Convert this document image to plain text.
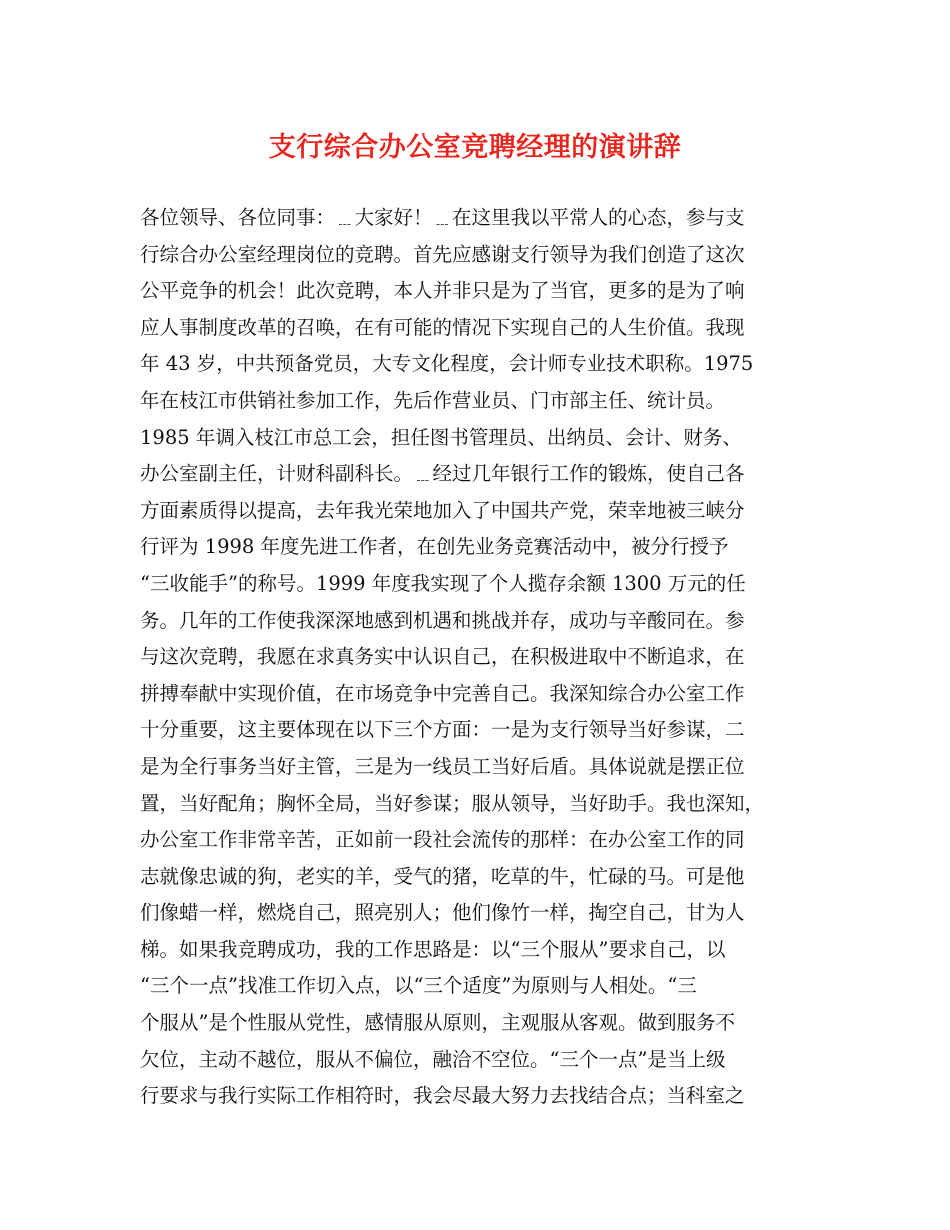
支行综合办公室竞聘经理的演讲辞
各位领导、各位同事：﹍大家好！﹍在这里我以平常人的心态，参与支
行综合办公室经理岗位的竞聘。首先应感谢支行领导为我们创造了这次
公平竞争的机会！此次竞聘，本人并非只是为了当官，更多的是为了响
应人事制度改革的召唤，在有可能的情况下实现自己的人生价值。我现
年 43 岁，中共预备党员，大专文化程度，会计师专业技术职称。1975
年在枝江市供销社参加工作，先后作营业员、门市部主任、统计员。
1985 年调入枝江市总工会，担任图书管理员、出纳员、会计、财务、
办公室副主任，计财科副科长。﹍经过几年银行工作的锻炼，使自己各
方面素质得以提高，去年我光荣地加入了中国共产党，荣幸地被三峡分
行评为 1998 年度先进工作者，在创先业务竞赛活动中，被分行授予
“三收能手”的称号。1999 年度我实现了个人揽存余额 1300 万元的任
务。几年的工作使我深深地感到机遇和挑战并存，成功与辛酸同在。参
与这次竞聘，我愿在求真务实中认识自己，在积极进取中不断追求，在
拼搏奉献中实现价值，在市场竞争中完善自己。我深知综合办公室工作
十分重要，这主要体现在以下三个方面：一是为支行领导当好参谋，二
是为全行事务当好主管，三是为一线员工当好后盾。具体说就是摆正位
置，当好配角；胸怀全局，当好参谋；服从领导，当好助手。我也深知，
办公室工作非常辛苦，正如前一段社会流传的那样：在办公室工作的同
志就像忠诚的狗，老实的羊，受气的猪，吃草的牛，忙碌的马。可是他
们像蜡一样，燃烧自己，照亮别人；他们像竹一样，掏空自己，甘为人
梯。如果我竞聘成功，我的工作思路是：以“三个服从”要求自己，以
“三个一点”找准工作切入点，以“三个适度”为原则与人相处。“三
个服从”是个性服从党性，感情服从原则，主观服从客观。做到服务不
欠位，主动不越位，服从不偏位，融洽不空位。“三个一点”是当上级
行要求与我行实际工作相符时，我会尽最大努力去找结合点；当科室之
